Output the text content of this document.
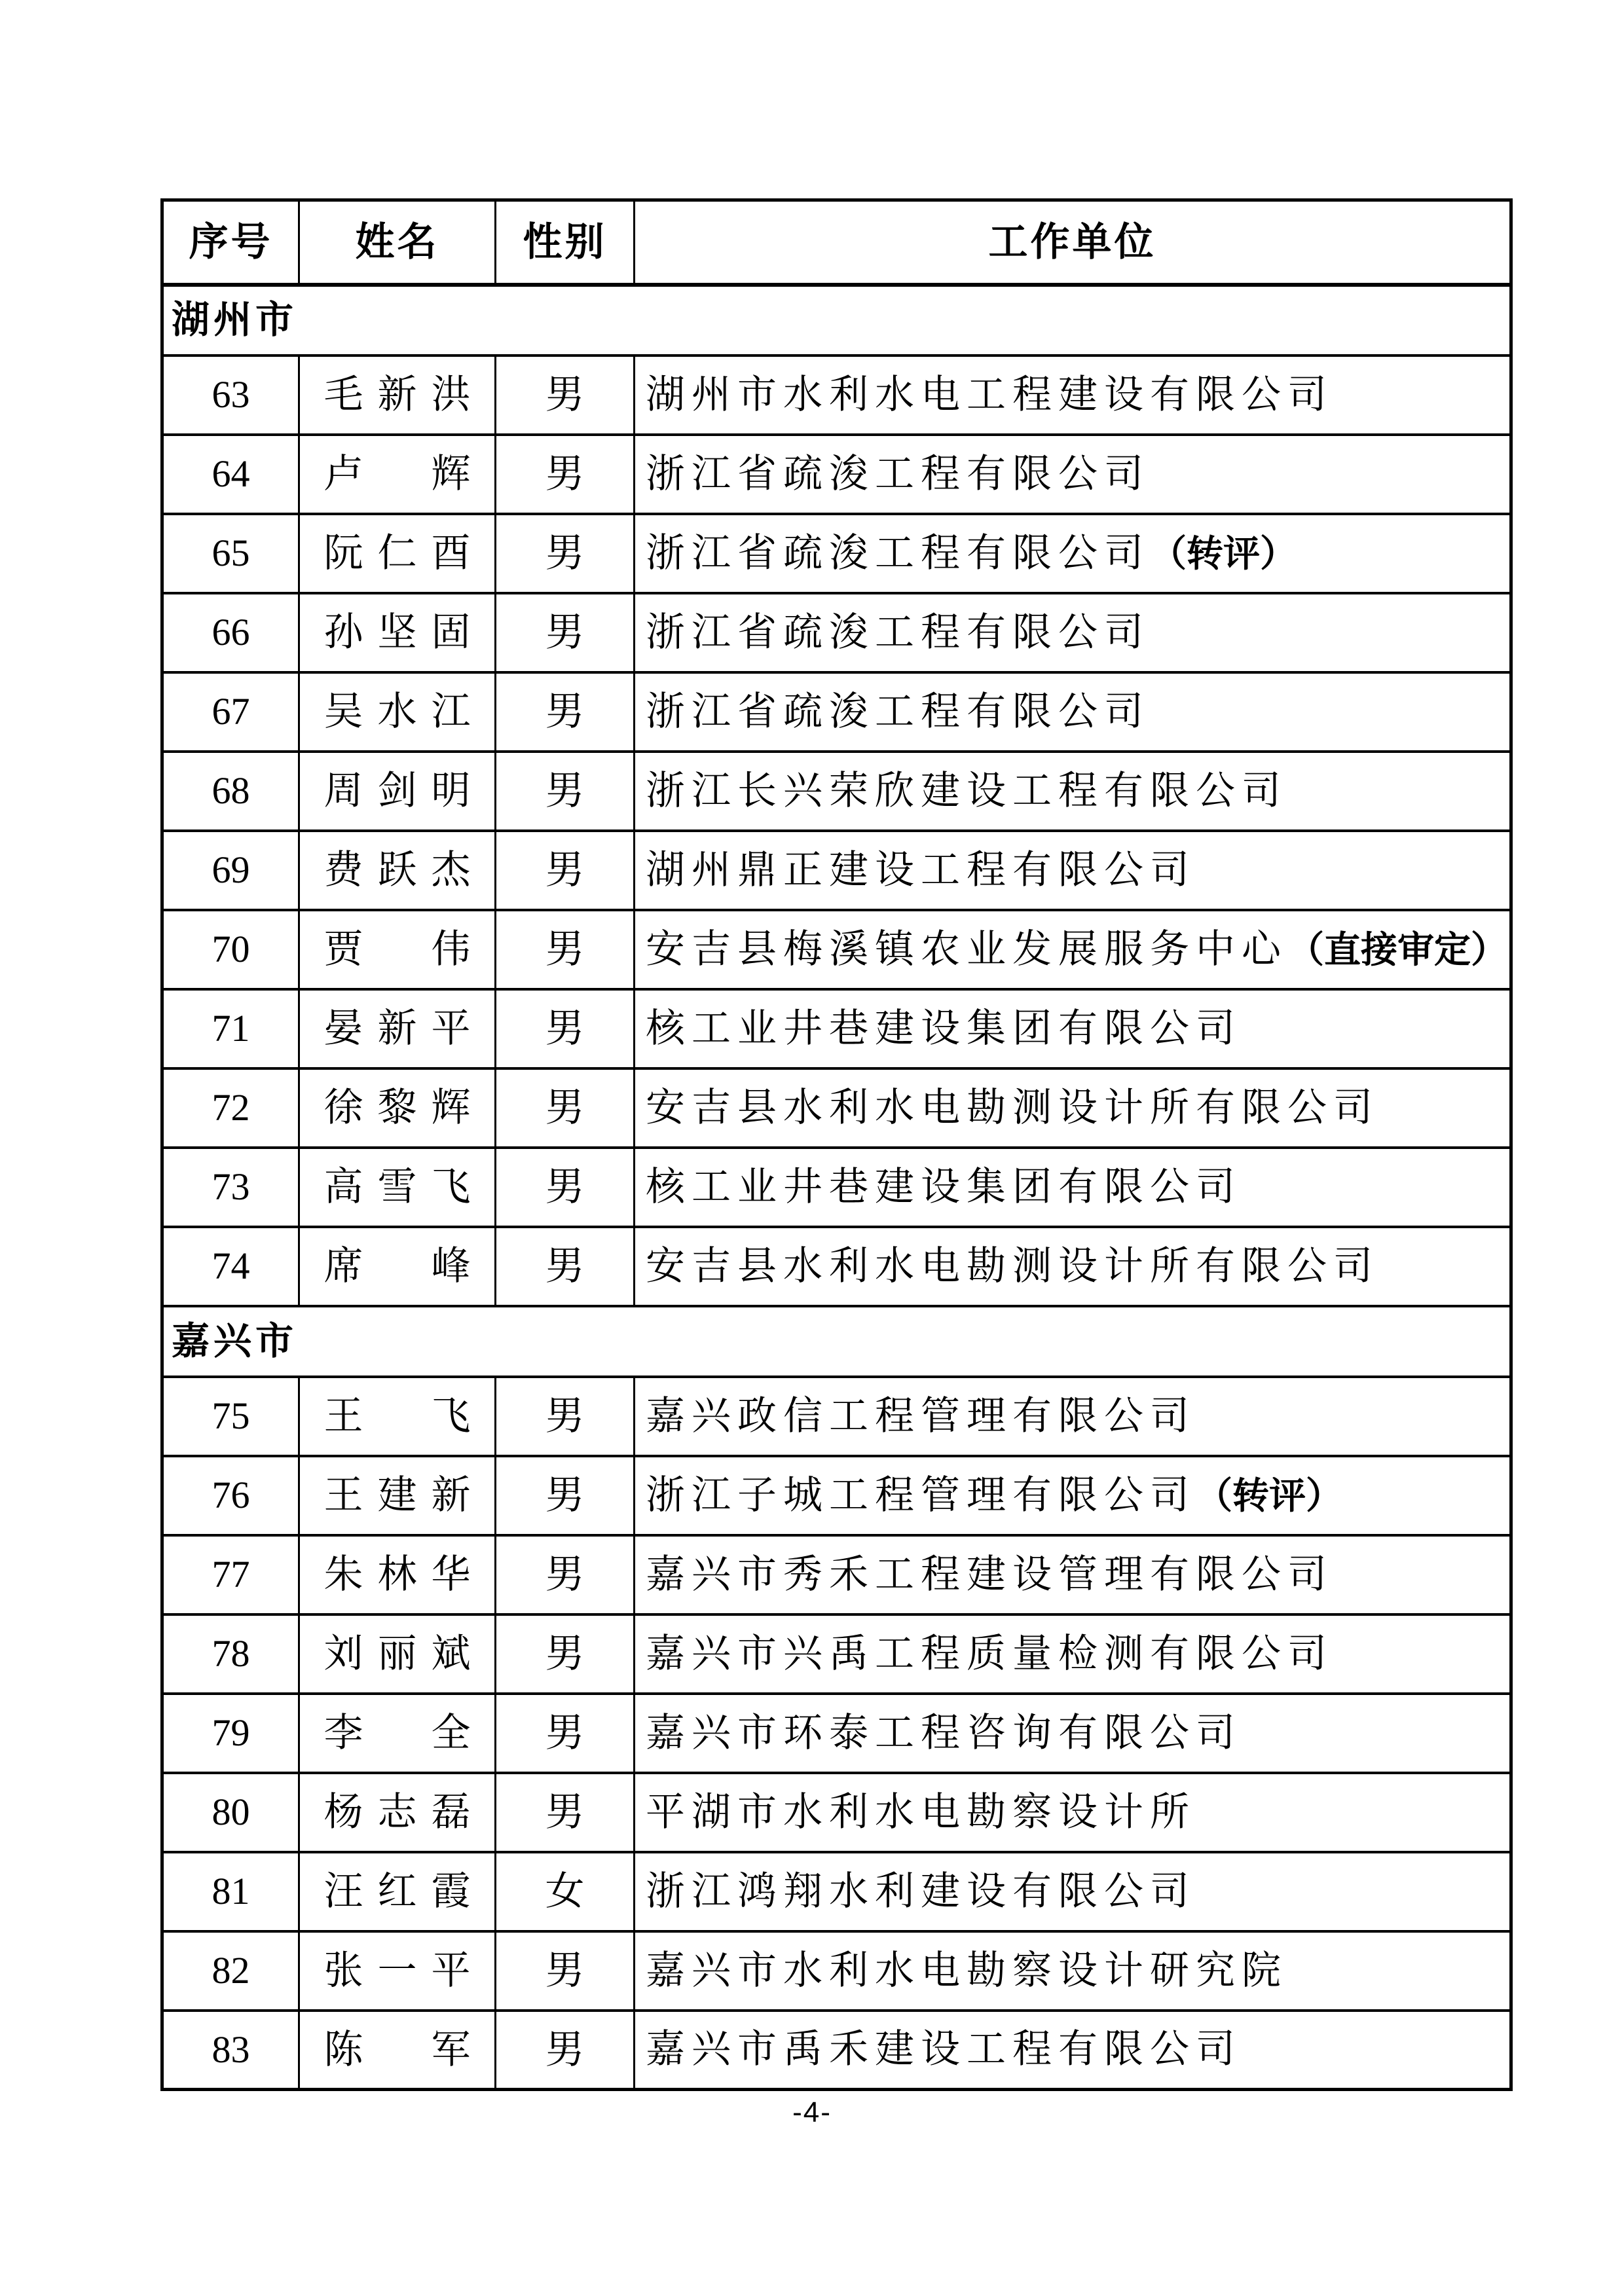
序号	姓名	性别	工作单位
湖州市			
63	毛新洪	男	湖州市水利水电工程建设有限公司
64	卢　辉	男	浙江省疏浚工程有限公司
65	阮仁酉	男	浙江省疏浚工程有限公司（转评）
66	孙坚固	男	浙江省疏浚工程有限公司
67	吴水江	男	浙江省疏浚工程有限公司
68	周剑明	男	浙江长兴荣欣建设工程有限公司
69	费跃杰	男	湖州鼎正建设工程有限公司
70	贾　伟	男	安吉县梅溪镇农业发展服务中心（直接审定）
71	晏新平	男	核工业井巷建设集团有限公司
72	徐黎辉	男	安吉县水利水电勘测设计所有限公司
73	高雪飞	男	核工业井巷建设集团有限公司
74	席　峰	男	安吉县水利水电勘测设计所有限公司
嘉兴市			
75	王　飞	男	嘉兴政信工程管理有限公司
76	王建新	男	浙江子城工程管理有限公司（转评）
77	朱林华	男	嘉兴市秀禾工程建设管理有限公司
78	刘丽斌	男	嘉兴市兴禹工程质量检测有限公司
79	李　全	男	嘉兴市环泰工程咨询有限公司
80	杨志磊	男	平湖市水利水电勘察设计所
81	汪红霞	女	浙江鸿翔水利建设有限公司
82	张一平	男	嘉兴市水利水电勘察设计研究院
83	陈　军	男	嘉兴市禹禾建设工程有限公司
-4-
